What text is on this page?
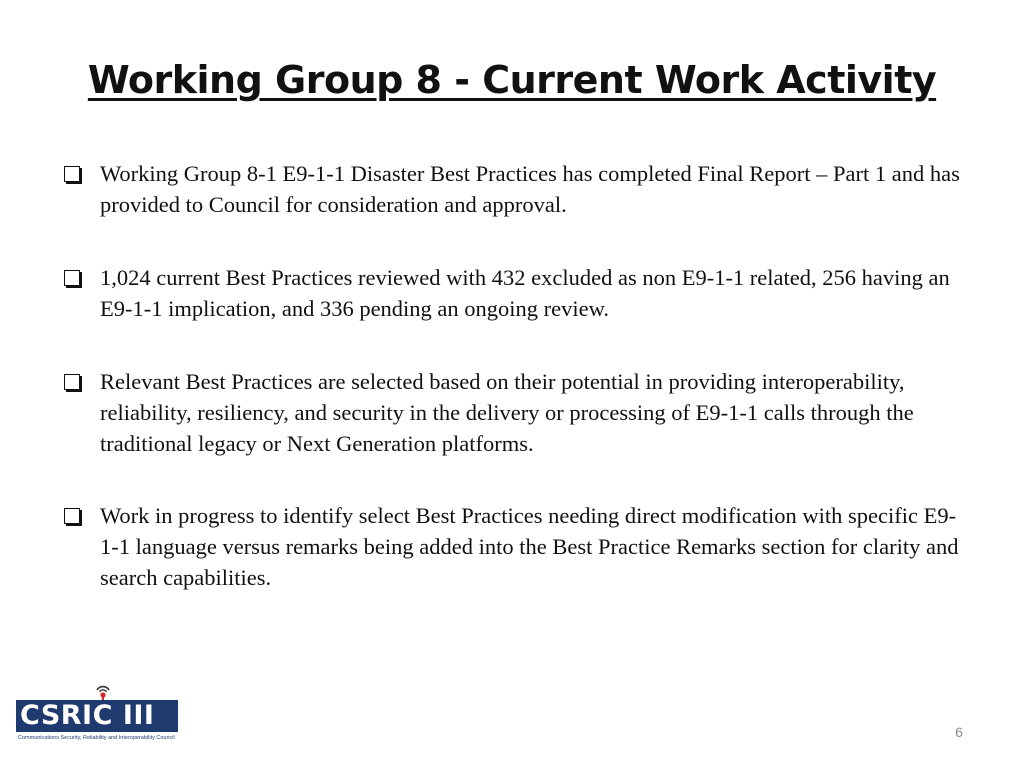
Working Group 8 - Current Work Activity
Working Group 8-1 E9-1-1 Disaster Best Practices has completed Final Report – Part 1 and has provided to Council for consideration and approval.
1,024 current Best Practices reviewed with 432 excluded as non E9-1-1 related, 256 having an E9-1-1 implication, and 336 pending an ongoing review.
Relevant Best Practices are selected based on their potential in providing interoperability, reliability, resiliency, and security in the delivery or processing of E9-1-1 calls through the traditional legacy or Next Generation platforms.
Work in progress to identify select Best Practices needing direct modification with specific E9-1-1 language versus remarks being added into the Best Practice Remarks section for clarity and search capabilities.
CSRIC III
Communications Security, Reliability and Interoperability Council	6
